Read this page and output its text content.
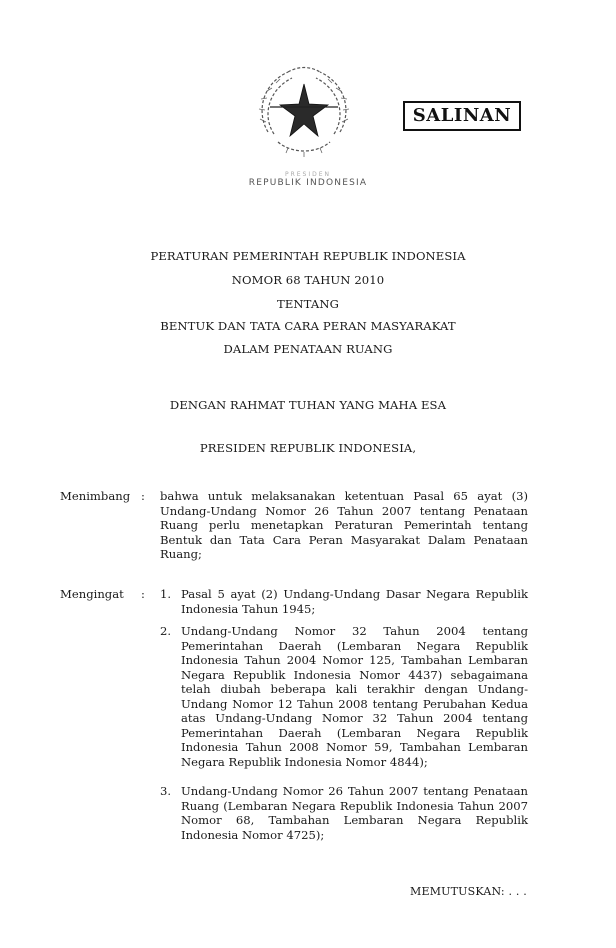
PRESIDEN
REPUBLIK INDONESIA
SALINAN
PERATURAN PEMERINTAH REPUBLIK INDONESIA
NOMOR 68 TAHUN 2010
TENTANG
BENTUK DAN TATA CARA PERAN MASYARAKAT
DALAM PENATAAN RUANG
DENGAN RAHMAT TUHAN YANG MAHA ESA
PRESIDEN REPUBLIK INDONESIA,
Menimbang : bahwa untuk melaksanakan ketentuan Pasal 65 ayat (3) Undang-Undang Nomor 26 Tahun 2007 tentang Penataan Ruang perlu menetapkan Peraturan Pemerintah tentang Bentuk dan Tata Cara Peran Masyarakat Dalam Penataan Ruang;
Mengingat : 1. Pasal 5 ayat (2) Undang-Undang Dasar Negara Republik Indonesia Tahun 1945;
2. Undang-Undang Nomor 32 Tahun 2004 tentang Pemerintahan Daerah (Lembaran Negara Republik Indonesia Tahun 2004 Nomor 125, Tambahan Lembaran Negara Republik Indonesia Nomor 4437) sebagaimana telah diubah beberapa kali terakhir dengan Undang-Undang Nomor 12 Tahun 2008 tentang Perubahan Kedua atas Undang-Undang Nomor 32 Tahun 2004 tentang Pemerintahan Daerah (Lembaran Negara Republik Indonesia Tahun 2008 Nomor 59, Tambahan Lembaran Negara Republik Indonesia Nomor 4844);
3. Undang-Undang Nomor 26 Tahun 2007 tentang Penataan Ruang (Lembaran Negara Republik Indonesia Tahun 2007 Nomor 68, Tambahan Lembaran Negara Republik Indonesia Nomor 4725);
MEMUTUSKAN: . . .
